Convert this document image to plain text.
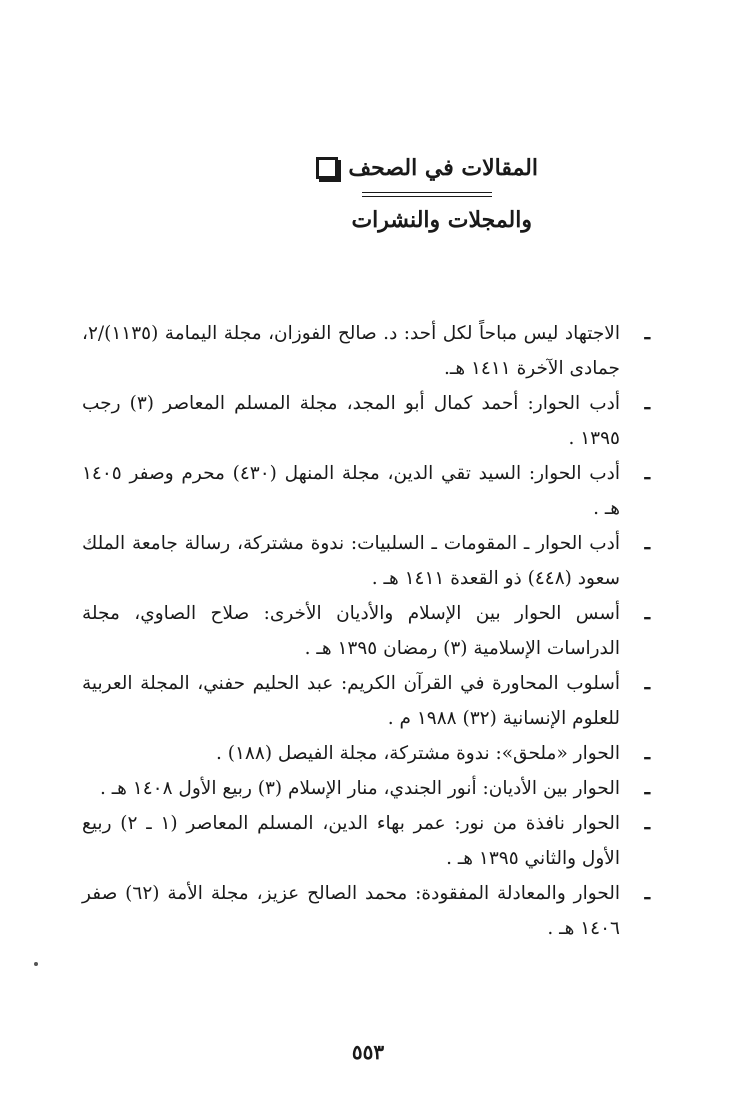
المقالات في الصحف
والمجلات والنشرات
ـ
الاجتهاد ليس مباحاً لكل أحد: د. صالح الفوزان، مجلة اليمامة (١١٣٥)/٢، جمادى الآخرة ١٤١١ هـ.
ـ
أدب الحوار: أحمد كمال أبو المجد، مجلة المسلم المعاصر (٣) رجب ١٣٩٥ .
ـ
أدب الحوار: السيد تقي الدين، مجلة المنهل (٤٣٠) محرم وصفر ١٤٠٥ هـ .
ـ
أدب الحوار ـ المقومات ـ السلبيات: ندوة مشتركة، رسالة جامعة الملك سعود (٤٤٨) ذو القعدة ١٤١١ هـ .
ـ
أسس الحوار بين الإسلام والأديان الأخرى: صلاح الصاوي، مجلة الدراسات الإسلامية (٣) رمضان ١٣٩٥ هـ .
ـ
أسلوب المحاورة في القرآن الكريم: عبد الحليم حفني، المجلة العربية للعلوم الإنسانية (٣٢) ١٩٨٨ م .
ـ
الحوار «ملحق»: ندوة مشتركة، مجلة الفيصل (١٨٨) .
ـ
الحوار بين الأديان: أنور الجندي، منار الإسلام (٣) ربيع الأول ١٤٠٨ هـ .
ـ
الحوار نافذة من نور: عمر بهاء الدين، المسلم المعاصر (١ ـ ٢) ربيع الأول والثاني ١٣٩٥ هـ .
ـ
الحوار والمعادلة المفقودة: محمد الصالح عزيز، مجلة الأمة (٦٢) صفر ١٤٠٦ هـ .
٥٥٣
